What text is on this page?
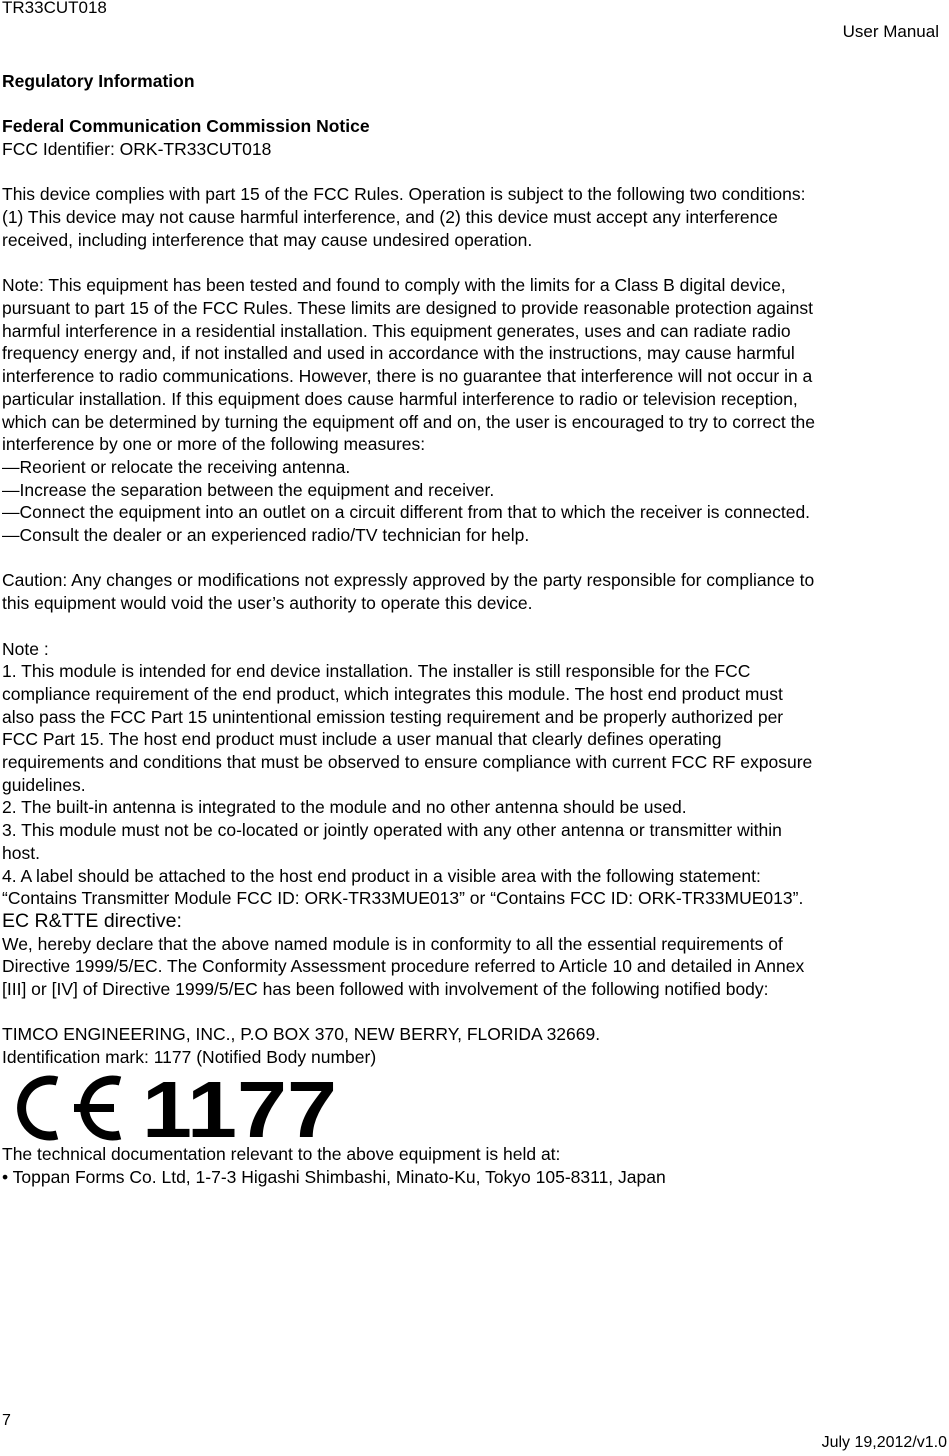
TR33CUT018
User Manual

Regulatory Information

Federal Communication Commission Notice

FCC Identifier: ORK-TR33CUT018

This device complies with part 15 of the FCC Rules. Operation is subject to the following two conditions:

(1) This device may not cause harmful interference, and (2) this device must accept any interference

received, including interference that may cause undesired operation.

Note: This equipment has been tested and found to comply with the limits for a Class B digital device,

pursuant to part 15 of the FCC Rules. These limits are designed to provide reasonable protection against

harmful interference in a residential installation. This equipment generates, uses and can radiate radio

frequency energy and, if not installed and used in accordance with the instructions, may cause harmful

interference to radio communications. However, there is no guarantee that interference will not occur in a

particular installation. If this equipment does cause harmful interference to radio or television reception,

which can be determined by turning the equipment off and on, the user is encouraged to try to correct the

interference by one or more of the following measures:

—Reorient or relocate the receiving antenna.

—Increase the separation between the equipment and receiver.

—Connect the equipment into an outlet on a circuit different from that to which the receiver is connected.

—Consult the dealer or an experienced radio/TV technician for help.

Caution: Any changes or modifications not expressly approved by the party responsible for compliance to

this equipment would void the user’s authority to operate this device.

Note :

1. This module is intended for end device installation. The installer is still responsible for the FCC

compliance requirement of the end product, which integrates this module. The host end product must

also pass the FCC Part 15 unintentional emission testing requirement and be properly authorized per

FCC Part 15. The host end product must include a user manual that clearly defines operating

requirements and conditions that must be observed to ensure compliance with current FCC RF exposure

guidelines.

2. The built-in antenna is integrated to the module and no other antenna should be used.

3. This module must not be co-located or jointly operated with any other antenna or transmitter within

host.

4. A label should be attached to the host end product in a visible area with the following statement:

“Contains Transmitter Module FCC ID: ORK-TR33MUE013” or “Contains FCC ID: ORK-TR33MUE013”.

EC R&TTE directive:

We, hereby declare that the above named module is in conformity to all the essential requirements of

Directive 1999/5/EC. The Conformity Assessment procedure referred to Article 10 and detailed in Annex

[III] or [IV] of Directive 1999/5/EC has been followed with involvement of the following notified body:

TIMCO ENGINEERING, INC., P.O BOX 370, NEW BERRY, FLORIDA 32669.

Identification mark: 1177 (Notified Body number)

1177

The technical documentation relevant to the above equipment is held at:

• Toppan Forms Co. Ltd, 1-7-3 Higashi Shimbashi, Minato-Ku, Tokyo 105-8311, Japan

7
July 19,2012/v1.0
